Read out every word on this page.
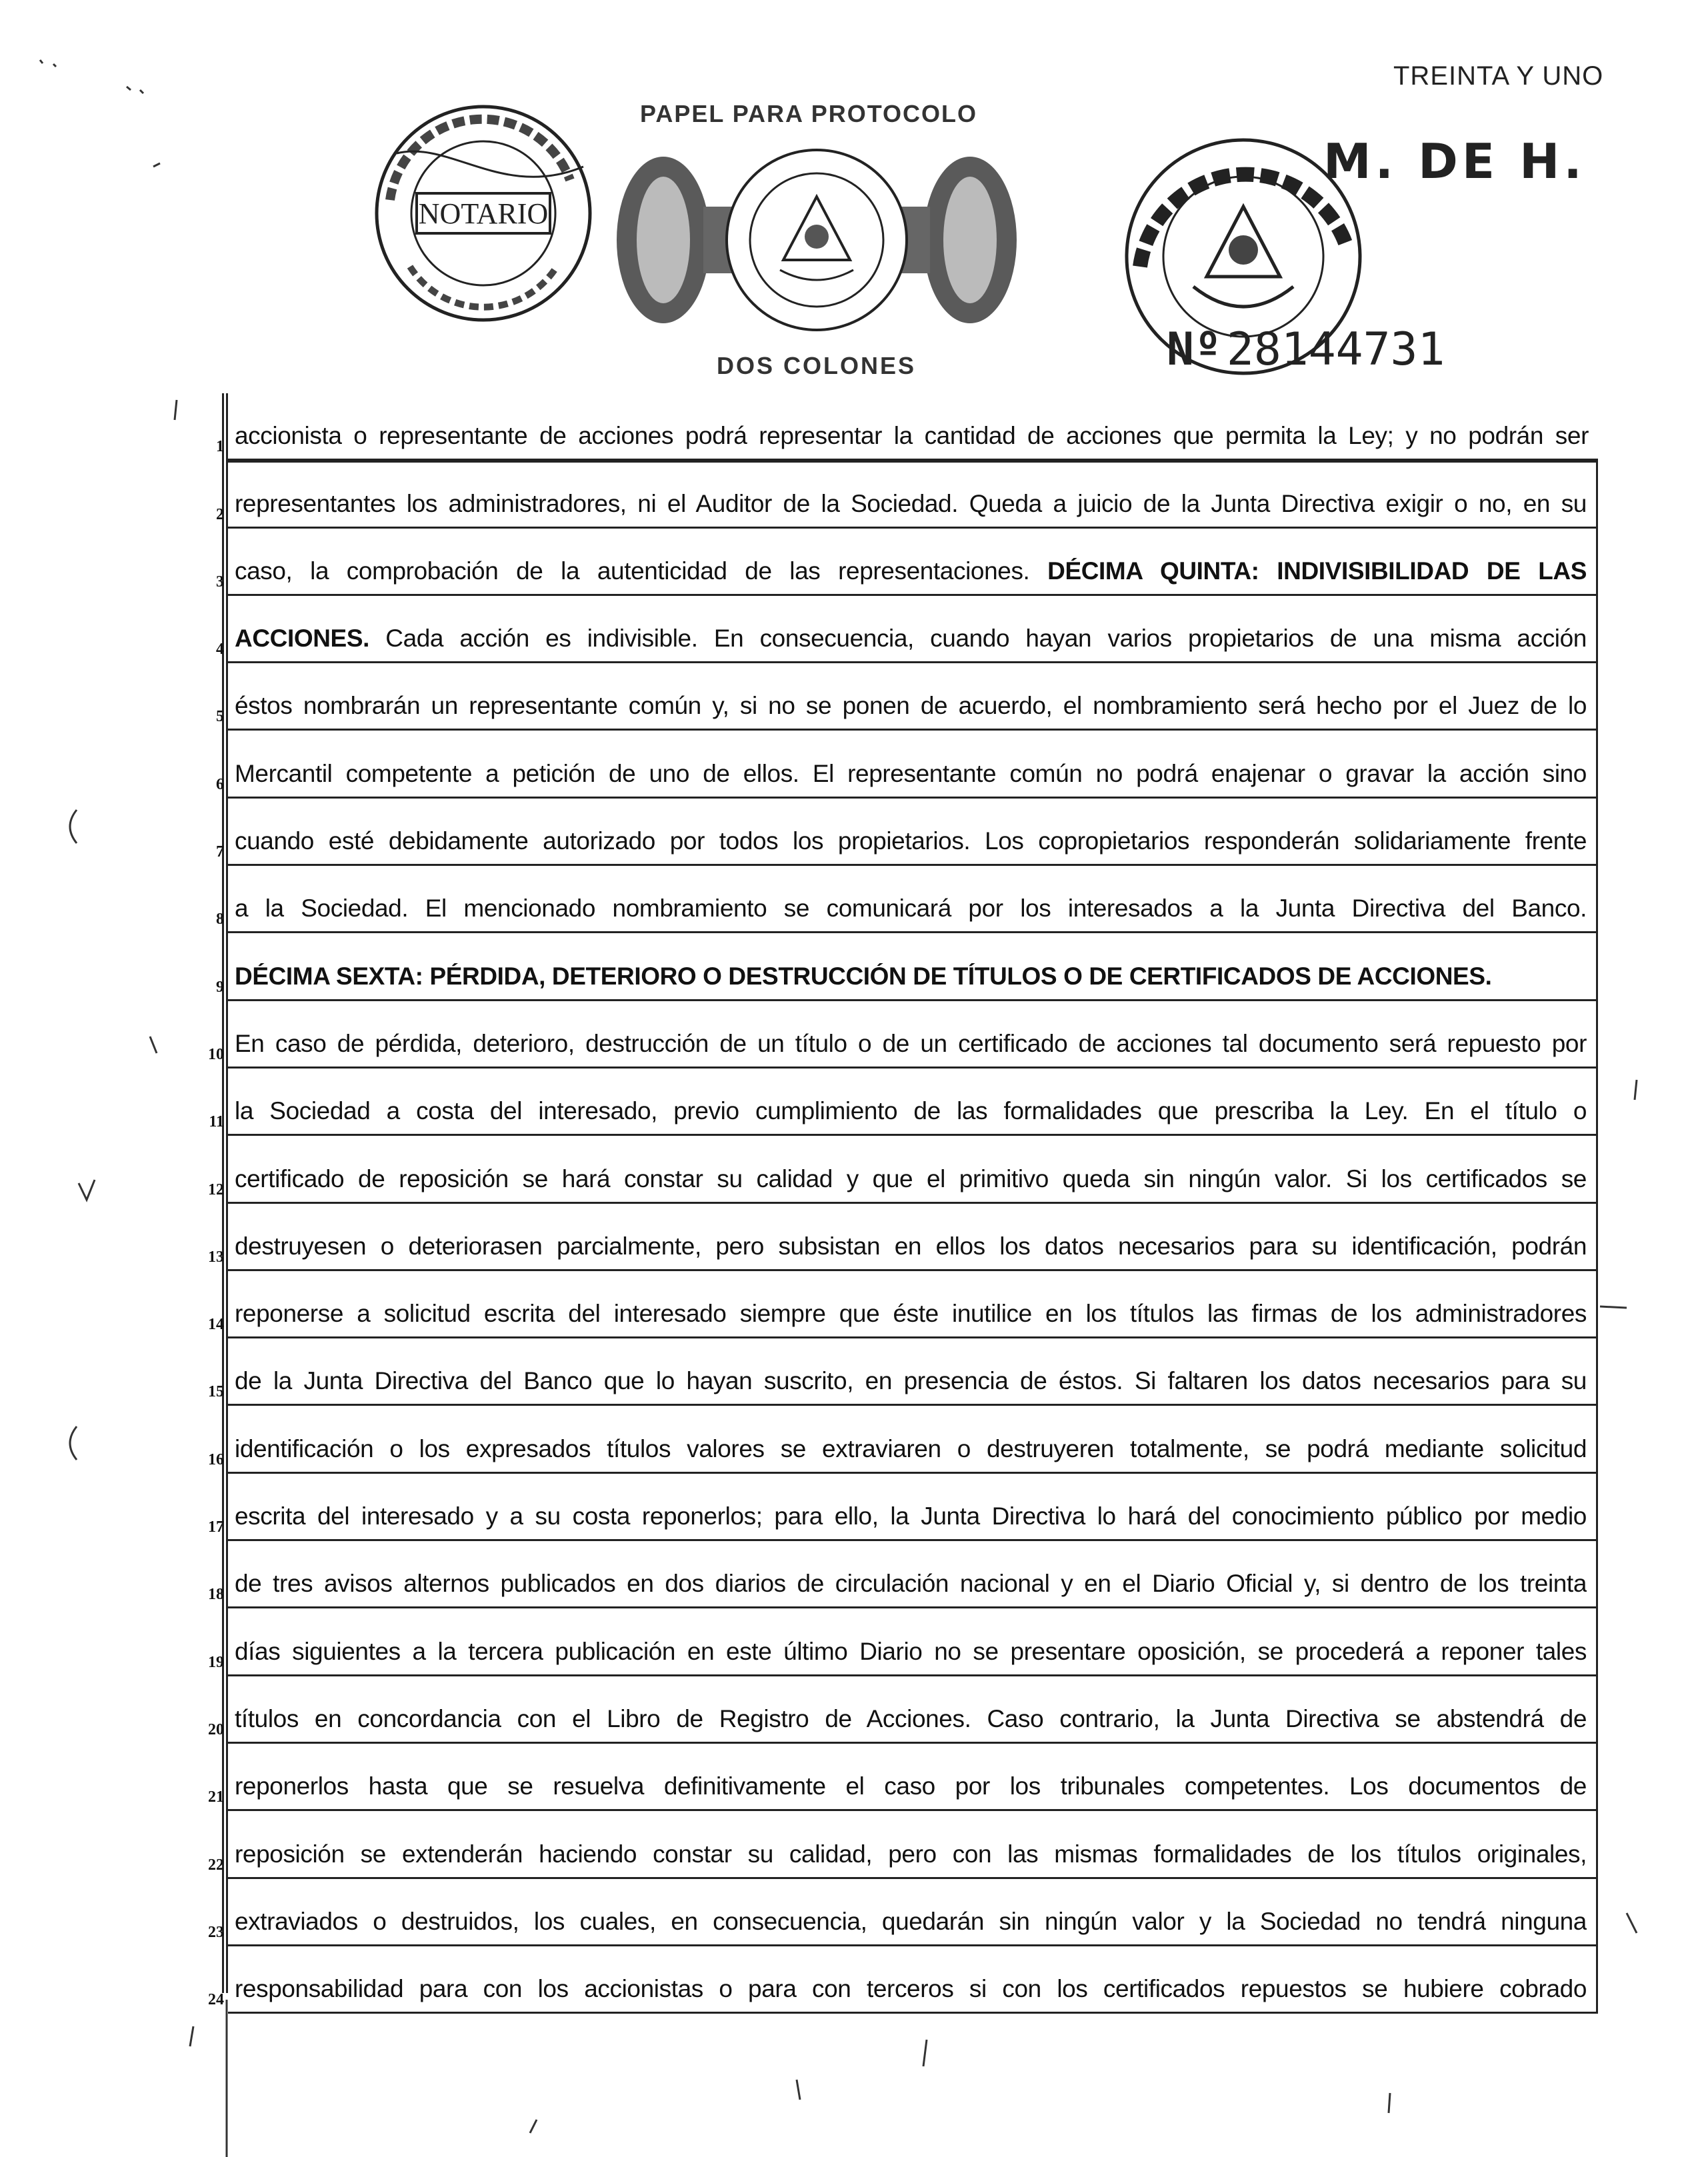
TREINTA Y UNO
NOTARIO
PAPEL PARA PROTOCOLO
DOS COLONES
M. DE H.
Nº 28144731
1 accionista o representante de acciones podrá representar la cantidad de acciones que permita la Ley; y no podrán ser
2 representantes los administradores, ni el Auditor de la Sociedad. Queda a juicio de la Junta Directiva exigir o no, en su
3 caso, la comprobación de la autenticidad de las representaciones. DÉCIMA QUINTA: INDIVISIBILIDAD DE LAS
4 ACCIONES. Cada acción es indivisible. En consecuencia, cuando hayan varios propietarios de una misma acción
5 éstos nombrarán un representante común y, si no se ponen de acuerdo, el nombramiento será hecho por el Juez de lo
6 Mercantil competente a petición de uno de ellos. El representante común no podrá enajenar o gravar la acción sino
7 cuando esté debidamente autorizado por todos los propietarios. Los copropietarios responderán solidariamente frente
8 a la Sociedad. El mencionado nombramiento se comunicará por los interesados a la Junta Directiva del Banco.
9 DÉCIMA SEXTA: PÉRDIDA, DETERIORO O DESTRUCCIÓN DE TÍTULOS O DE CERTIFICADOS DE ACCIONES.
10 En caso de pérdida, deterioro, destrucción de un título o de un certificado de acciones tal documento será repuesto por
11 la Sociedad a costa del interesado, previo cumplimiento de las formalidades que prescriba la Ley. En el título o
12 certificado de reposición se hará constar su calidad y que el primitivo queda sin ningún valor. Si los certificados se
13 destruyesen o deteriorasen parcialmente, pero subsistan en ellos los datos necesarios para su identificación, podrán
14 reponerse a solicitud escrita del interesado siempre que éste inutilice en los títulos las firmas de los administradores
15 de la Junta Directiva del Banco que lo hayan suscrito, en presencia de éstos. Si faltaren los datos necesarios para su
16 identificación o los expresados títulos valores se extraviaren o destruyeren totalmente, se podrá mediante solicitud
17 escrita del interesado y a su costa reponerlos; para ello, la Junta Directiva lo hará del conocimiento público por medio
18 de tres avisos alternos publicados en dos diarios de circulación nacional y en el Diario Oficial y, si dentro de los treinta
19 días siguientes a la tercera publicación en este último Diario no se presentare oposición, se procederá a reponer tales
20 títulos en concordancia con el Libro de Registro de Acciones. Caso contrario, la Junta Directiva se abstendrá de
21 reponerlos hasta que se resuelva definitivamente el caso por los tribunales competentes. Los documentos de
22 reposición se extenderán haciendo constar su calidad, pero con las mismas formalidades de los títulos originales,
23 extraviados o destruidos, los cuales, en consecuencia, quedarán sin ningún valor y la Sociedad no tendrá ninguna
24 responsabilidad para con los accionistas o para con terceros si con los certificados repuestos se hubiere cobrado
